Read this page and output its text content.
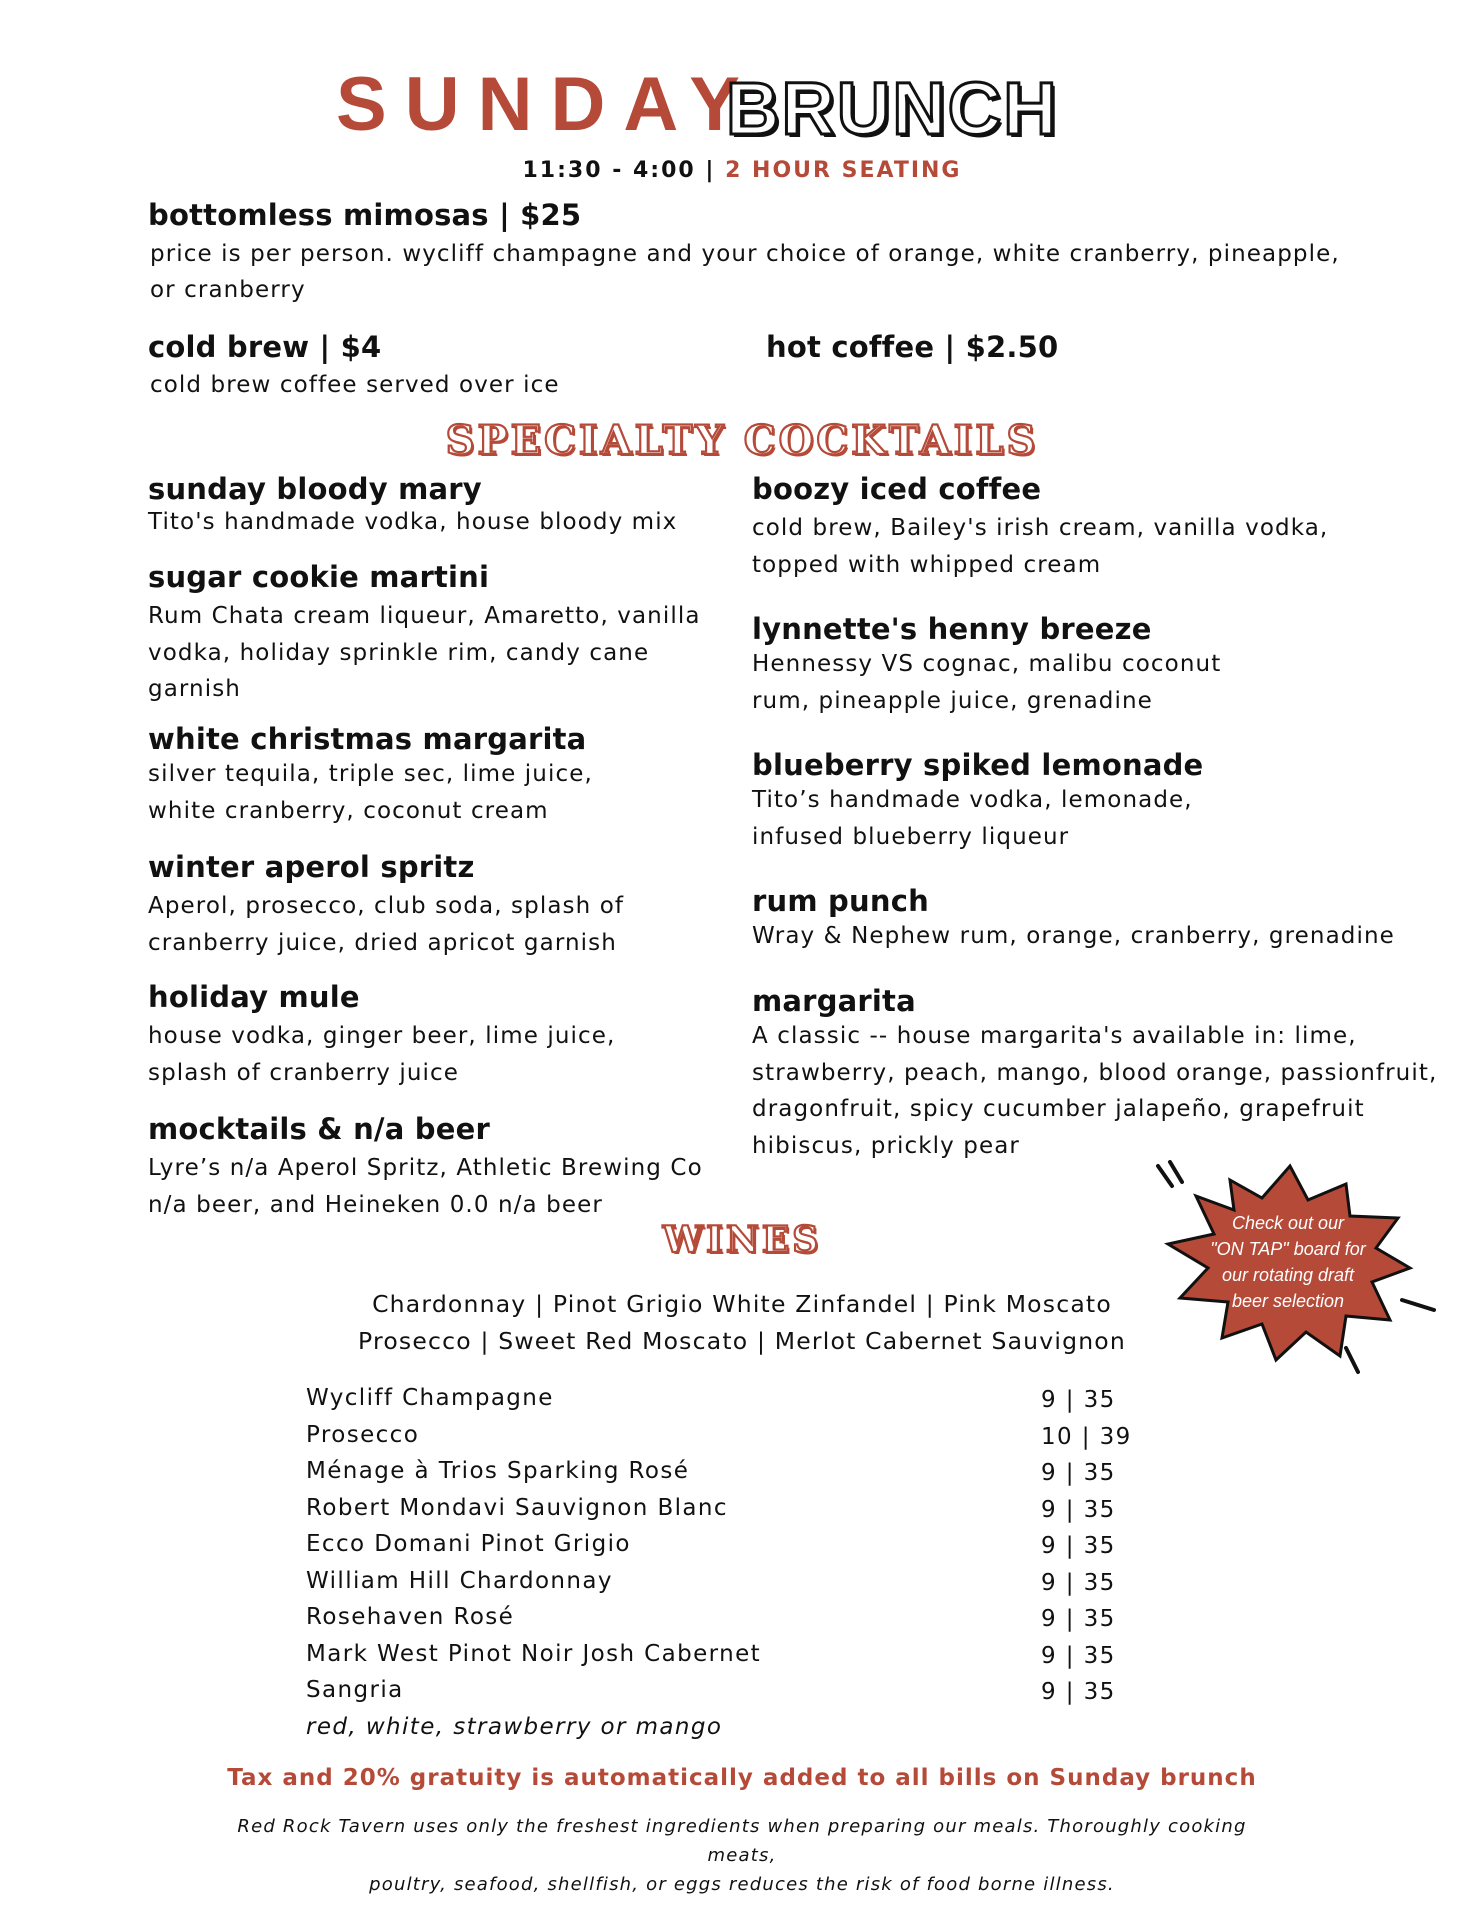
SUNDAY
BRUNCH
11:30 - 4:00 | 2 HOUR SEATING
bottomless mimosas | $25
price is per person. wycliff champagne and your choice of orange, white cranberry, pineapple,
or cranberry
cold brew | $4
cold brew coffee served over ice
hot coffee | $2.50
SPECIALTY COCKTAILS
sunday bloody mary
Tito's handmade vodka, house bloody mix
sugar cookie martini
Rum Chata cream liqueur, Amaretto, vanilla
vodka, holiday sprinkle rim, candy cane
garnish
white christmas margarita
silver tequila, triple sec, lime juice,
white cranberry, coconut cream
winter aperol spritz
Aperol, prosecco, club soda, splash of
cranberry juice, dried apricot garnish
holiday mule
house vodka, ginger beer, lime juice,
splash of cranberry juice
mocktails & n/a beer
Lyre’s n/a Aperol Spritz, Athletic Brewing Co
n/a beer, and Heineken 0.0 n/a beer
boozy iced coffee
cold brew, Bailey's irish cream, vanilla vodka,
topped with whipped cream
lynnette's henny breeze
Hennessy VS cognac, malibu coconut
rum, pineapple juice, grenadine
blueberry spiked lemonade
Tito’s handmade vodka, lemonade,
infused blueberry liqueur
rum punch
Wray & Nephew rum, orange, cranberry, grenadine
margarita
A classic -- house margarita's available in: lime,
strawberry, peach, mango, blood orange, passionfruit,
dragonfruit, spicy cucumber jalapeño, grapefruit
hibiscus, prickly pear
Check out our
"ON TAP" board for
our rotating draft
beer selection
WINES
Chardonnay | Pinot Grigio White Zinfandel | Pink Moscato
Prosecco | Sweet Red Moscato | Merlot Cabernet Sauvignon
Wycliff Champagne	9 | 35
Prosecco	10 | 39
Ménage à Trios Sparking Rosé	9 | 35
Robert Mondavi Sauvignon Blanc	9 | 35
Ecco Domani Pinot Grigio	9 | 35
William Hill Chardonnay	9 | 35
Rosehaven Rosé	9 | 35
Mark West Pinot Noir Josh Cabernet	9 | 35
Sangria	9 | 35
red, white, strawberry or mango
Tax and 20% gratuity is automatically added to all bills on Sunday brunch
Red Rock Tavern uses only the freshest ingredients when preparing our meals. Thoroughly cooking meats,
poultry, seafood, shellfish, or eggs reduces the risk of food borne illness.
